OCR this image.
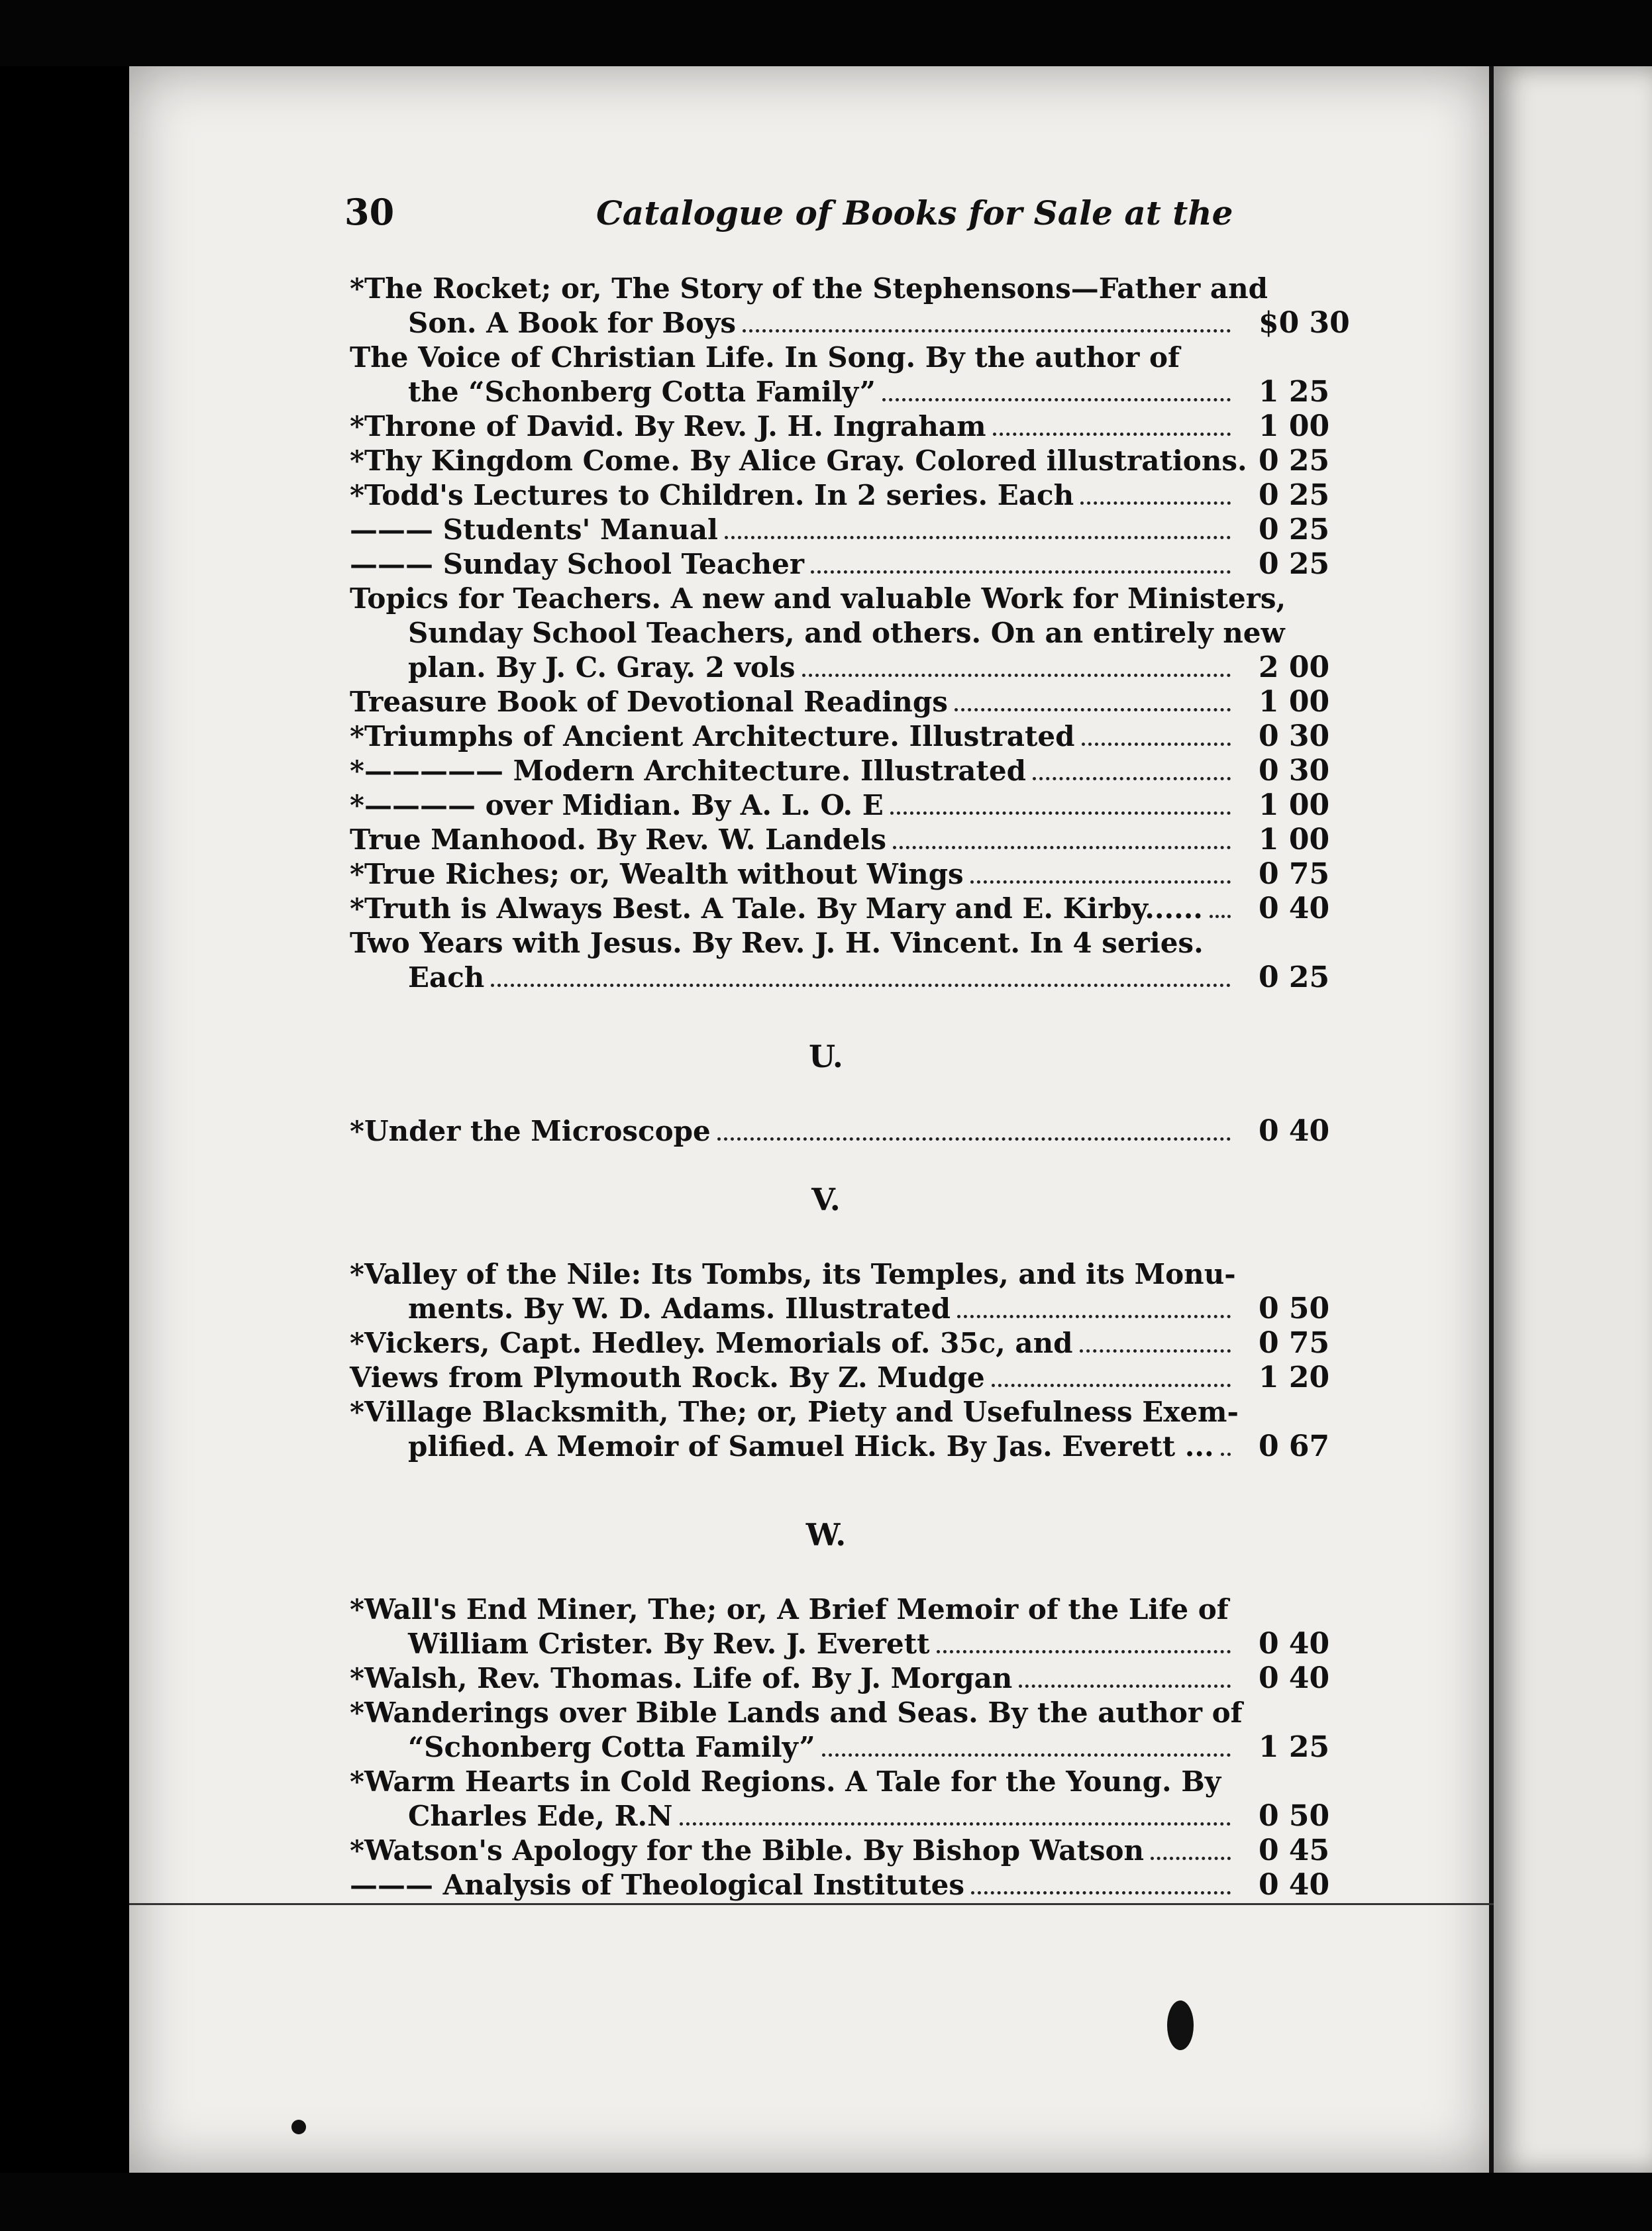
30	Catalogue of Books for Sale at the
*The Rocket; or, The Story of the Stephensons—Father and
Son. A Book for Boys	$0 30
The Voice of Christian Life. In Song. By the author of
the “Schonberg Cotta Family”	1 25
*Throne of David. By Rev. J. H. Ingraham	1 00
*Thy Kingdom Come. By Alice Gray. Colored illustrations. 0 25
*Todd's Lectures to Children. In 2 series. Each	0 25
——— Students' Manual	0 25
——— Sunday School Teacher	0 25
Topics for Teachers. A new and valuable Work for Ministers,
Sunday School Teachers, and others. On an entirely new
plan. By J. C. Gray. 2 vols	2 00
Treasure Book of Devotional Readings	1 00
*Triumphs of Ancient Architecture. Illustrated	0 30
*————— Modern Architecture. Illustrated	0 30
*———— over Midian. By A. L. O. E	1 00
True Manhood. By Rev. W. Landels	1 00
*True Riches; or, Wealth without Wings	0 75
*Truth is Always Best. A Tale. By Mary and E. Kirby...... 0 40
Two Years with Jesus. By Rev. J. H. Vincent. In 4 series.
Each	0 25
U.
*Under the Microscope	0 40
V.
*Valley of the Nile: Its Tombs, its Temples, and its Monu-
ments. By W. D. Adams. Illustrated	0 50
*Vickers, Capt. Hedley. Memorials of. 35c, and	0 75
Views from Plymouth Rock. By Z. Mudge	1 20
*Village Blacksmith, The; or, Piety and Usefulness Exem-
plified. A Memoir of Samuel Hick. By Jas. Everett ... 0 67
W.
*Wall's End Miner, The; or, A Brief Memoir of the Life of
William Crister. By Rev. J. Everett	0 40
*Walsh, Rev. Thomas. Life of. By J. Morgan	0 40
*Wanderings over Bible Lands and Seas. By the author of
“Schonberg Cotta Family”	1 25
*Warm Hearts in Cold Regions. A Tale for the Young. By
Charles Ede, R.N	0 50
*Watson's Apology for the Bible. By Bishop Watson	0 45
——— Analysis of Theological Institutes	0 40
